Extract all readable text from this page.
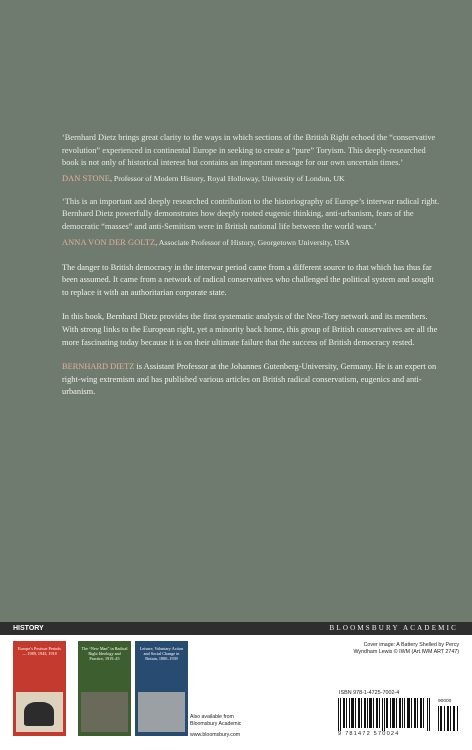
‘Bernhard Dietz brings great clarity to the ways in which sections of the British Right echoed the “conservative revolution” experienced in continental Europe in seeking to create a “pure” Toryism. This deeply-researched book is not only of historical interest but contains an important message for our own uncertain times.’

DAN STONE, Professor of Modern History, Royal Holloway, University of London, UK

‘This is an important and deeply researched contribution to the historiography of Europe’s interwar radical right. Bernhard Dietz powerfully demonstrates how deeply rooted eugenic thinking, anti-urbanism, fears of the democratic “masses” and anti-Semitism were in British national life between the world wars.’

ANNA VON DER GOLTZ, Associate Professor of History, Georgetown University, USA

The danger to British democracy in the interwar period came from a different source to that which has thus far been assumed. It came from a network of radical conservatives who challenged the political system and sought to replace it with an authoritarian corporate state.

In this book, Bernhard Dietz provides the first systematic analysis of the Neo-Tory network and its members. With strong links to the European right, yet a minority back home, this group of British conservatives are all the more fascinating today because it is on their ultimate failure that the success of British democracy rested.

BERNHARD DIETZ is Assistant Professor at the Johannes Gutenberg-University, Germany. He is an expert on right-wing extremism and has published various articles on British radical conservatism, eugenics and anti-urbanism.

HISTORY	BLOOMSBURY ACADEMIC
Europe’s Postwar Periods — 1989, 1945, 1918
The “New Man” in Radical Right Ideology and Practice, 1919–45
Leisure, Voluntary Action and Social Change in Britain, 1880–1939
Also available from
Bloomsbury Academic
www.bloomsbury.com
Cover image: A Battery Shelled by Percy
Wyndham Lewis © IWM (Art.IWM ART 2747)
ISBN 978-1-4725-7002-4
90000
9 781472 570024
